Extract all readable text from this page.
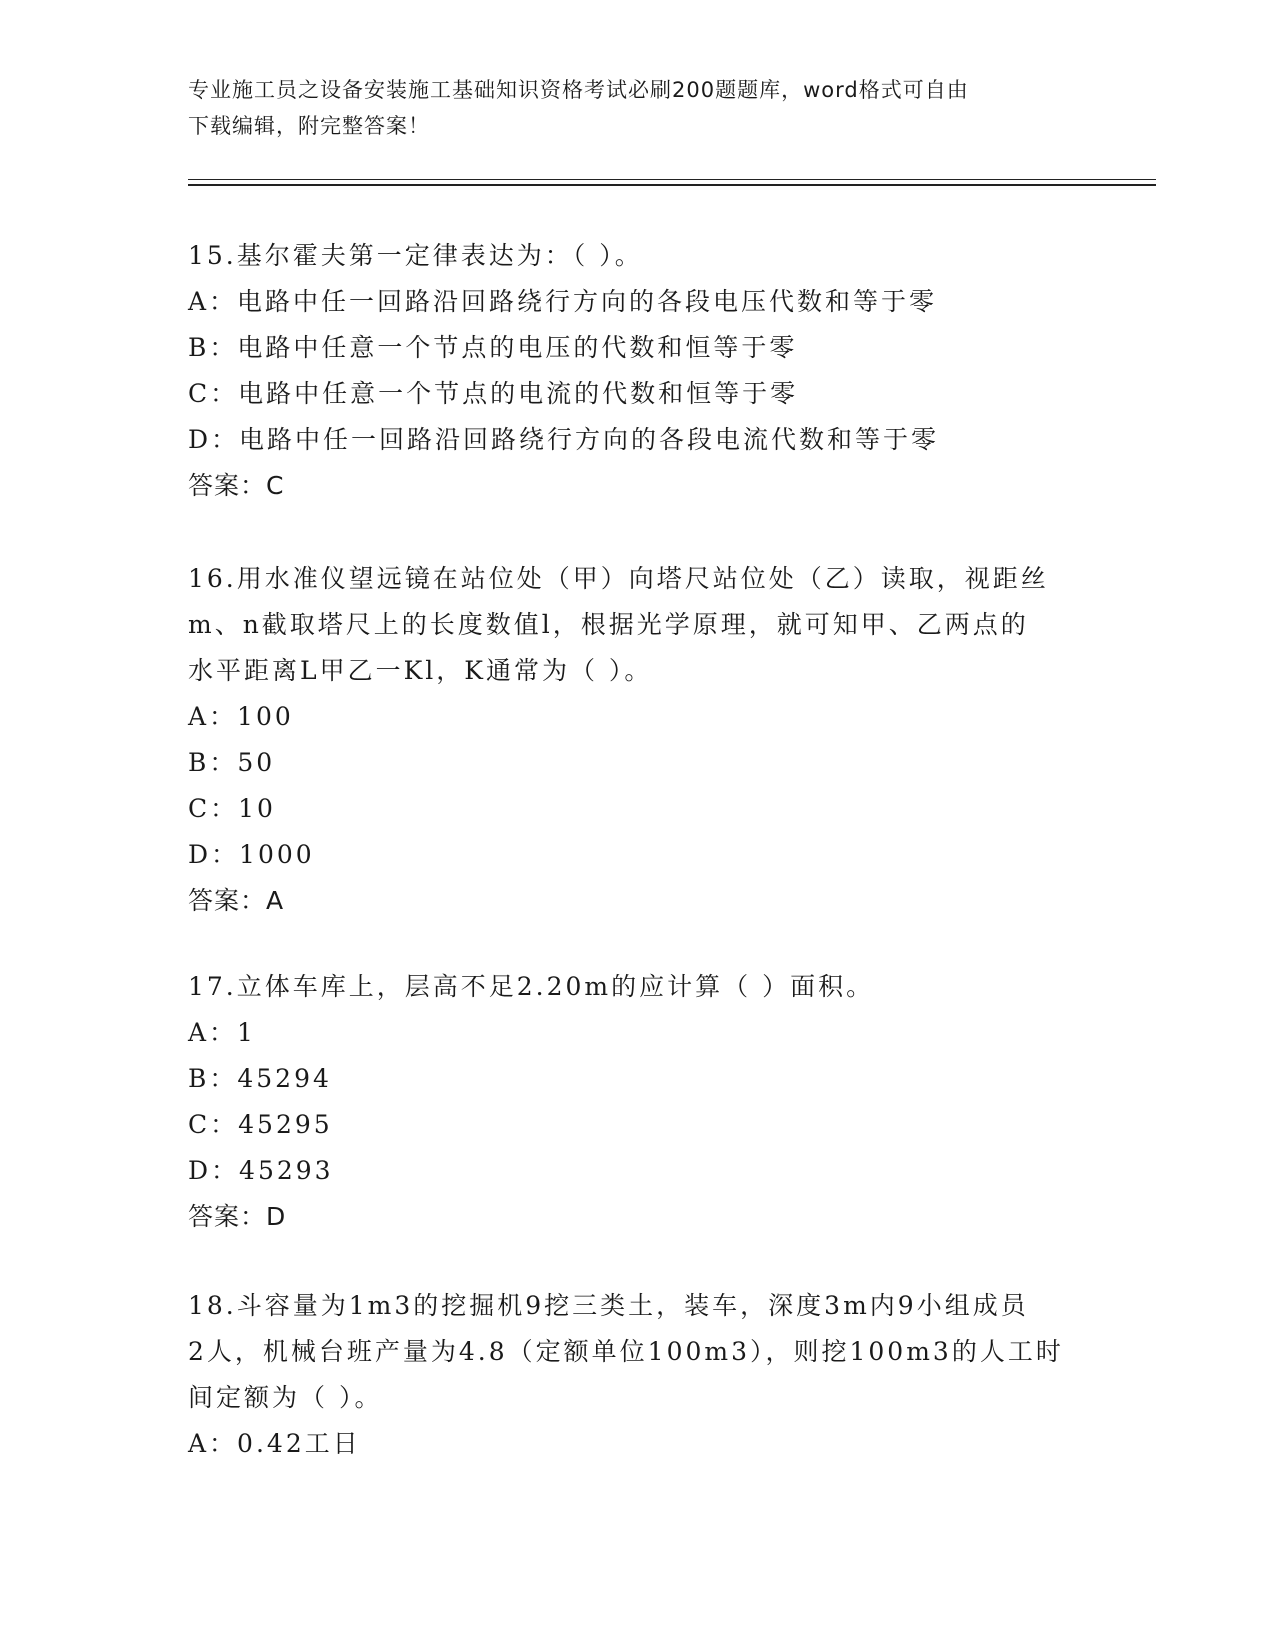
专业施工员之设备安装施工基础知识资格考试必刷200题题库，word格式可自由
下载编辑，附完整答案！
15.基尔霍夫第一定律表达为：（ ）。
A：电路中任一回路沿回路绕行方向的各段电压代数和等于零
B：电路中任意一个节点的电压的代数和恒等于零
C：电路中任意一个节点的电流的代数和恒等于零
D：电路中任一回路沿回路绕行方向的各段电流代数和等于零
答案：C
16.用水准仪望远镜在站位处（甲）向塔尺站位处（乙）读取，视距丝
m、n截取塔尺上的长度数值l，根据光学原理，就可知甲、乙两点的
水平距离L甲乙一Kl，K通常为（ ）。
A：100
B：50
C：10
D：1000
答案：A
17.立体车库上，层高不足2.20m的应计算（ ）面积。
A：1
B：45294
C：45295
D：45293
答案：D
18.斗容量为1m3的挖掘机9挖三类土，装车，深度3m内9小组成员
2人，机械台班产量为4.8（定额单位100m3），则挖100m3的人工时
间定额为（ ）。
A：0.42工日
